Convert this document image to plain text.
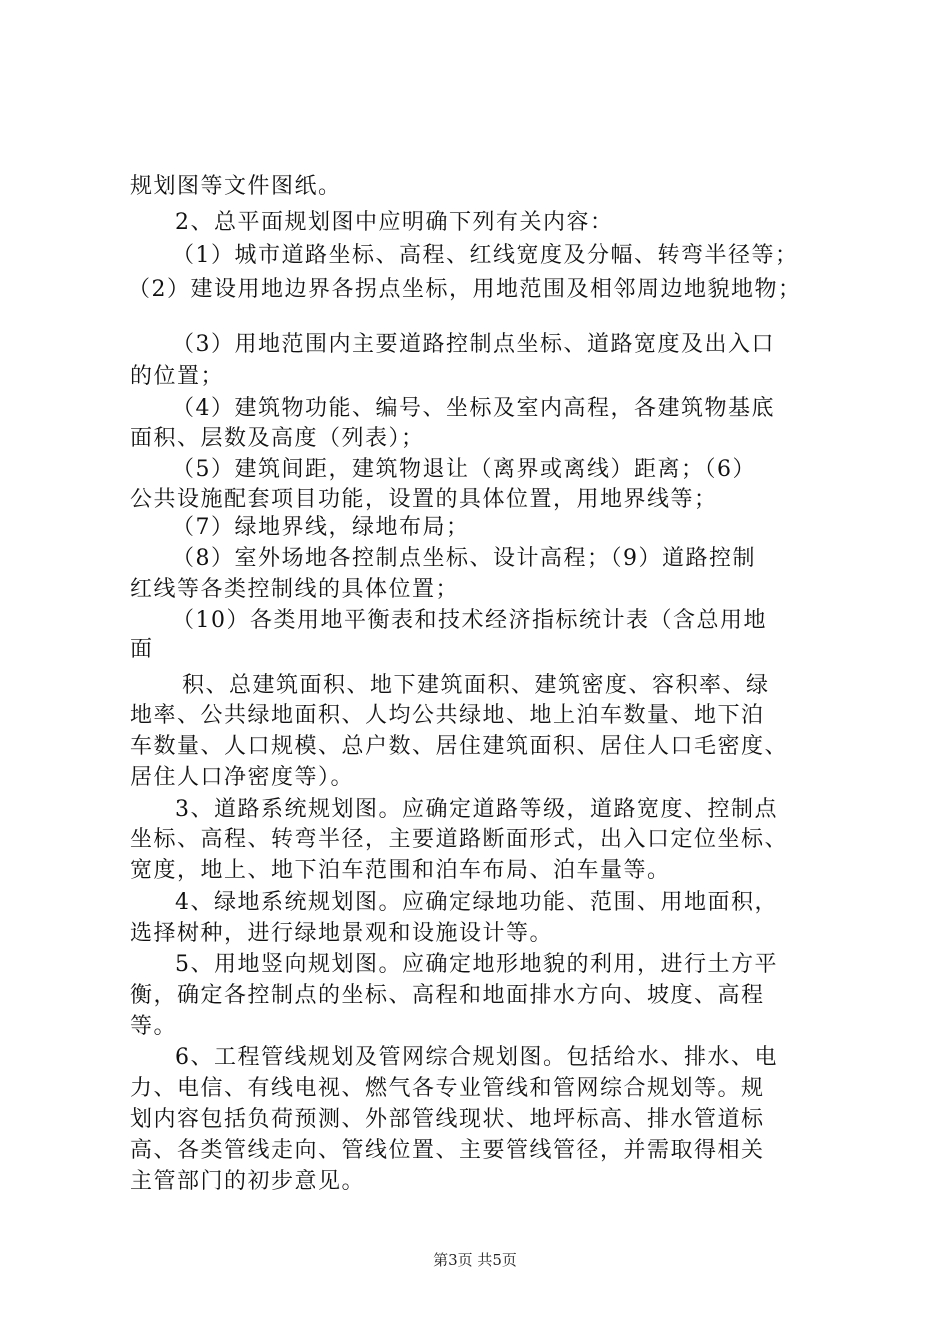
规划图等文件图纸。

2、总平面规划图中应明确下列有关内容：

（1）城市道路坐标、高程、红线宽度及分幅、转弯半径等；

（2）建设用地边界各拐点坐标，用地范围及相邻周边地貌地物；

（3）用地范围内主要道路控制点坐标、道路宽度及出入口

的位置；

（4）建筑物功能、编号、坐标及室内高程，各建筑物基底

面积、层数及高度（列表）；

（5）建筑间距，建筑物退让（离界或离线）距离；（6）

公共设施配套项目功能，设置的具体位置，用地界线等；

（7）绿地界线，绿地布局；

（8）室外场地各控制点坐标、设计高程；（9）道路控制

红线等各类控制线的具体位置；

（10）各类用地平衡表和技术经济指标统计表（含总用地

面

积、总建筑面积、地下建筑面积、建筑密度、容积率、绿

地率、公共绿地面积、人均公共绿地、地上泊车数量、地下泊

车数量、人口规模、总户数、居住建筑面积、居住人口毛密度、

居住人口净密度等）。

3、道路系统规划图。应确定道路等级，道路宽度、控制点

坐标、高程、转弯半径，主要道路断面形式，出入口定位坐标、

宽度，地上、地下泊车范围和泊车布局、泊车量等。

4、绿地系统规划图。应确定绿地功能、范围、用地面积，

选择树种，进行绿地景观和设施设计等。

5、用地竖向规划图。应确定地形地貌的利用，进行土方平

衡，确定各控制点的坐标、高程和地面排水方向、坡度、高程

等。

6、工程管线规划及管网综合规划图。包括给水、排水、电

力、电信、有线电视、燃气各专业管线和管网综合规划等。规

划内容包括负荷预测、外部管线现状、地坪标高、排水管道标

高、各类管线走向、管线位置、主要管线管径，并需取得相关

主管部门的初步意见。

第3页 共5页
